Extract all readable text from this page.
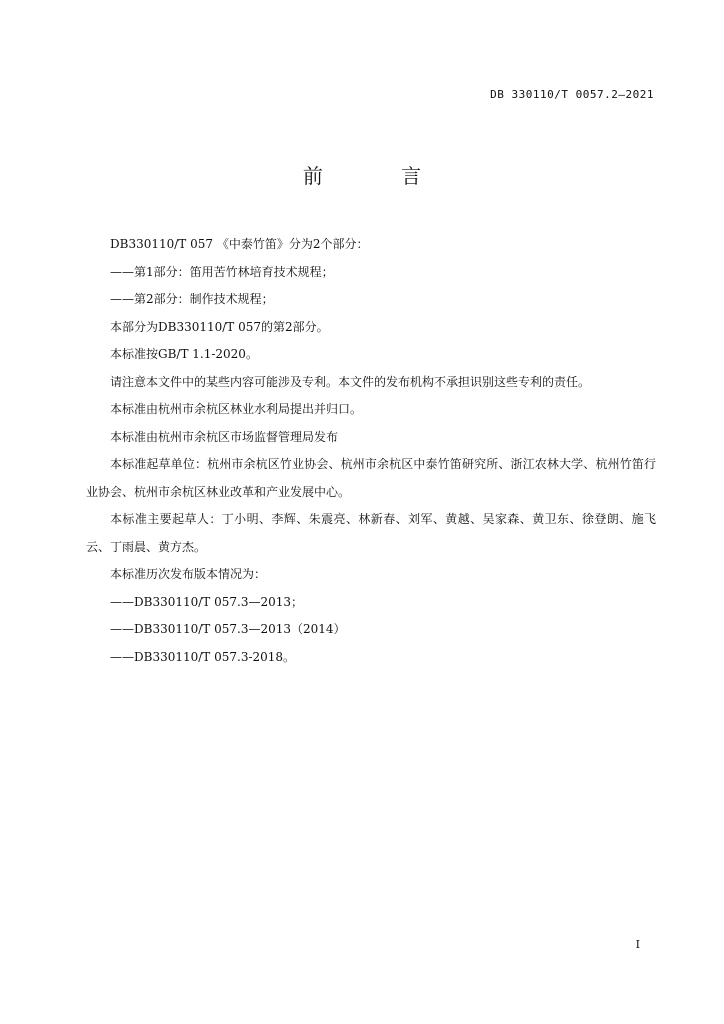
DB 330110/T 0057.2—2021
前 言

DB330110/T 057 《中泰竹笛》分为2个部分：

——第1部分：笛用苦竹林培育技术规程；

——第2部分：制作技术规程；

本部分为DB330110/T 057的第2部分。

本标准按GB/T 1.1-2020。

请注意本文件中的某些内容可能涉及专利。本文件的发布机构不承担识别这些专利的责任。

本标准由杭州市余杭区林业水利局提出并归口。

本标准由杭州市余杭区市场监督管理局发布

本标准起草单位：杭州市余杭区竹业协会、杭州市余杭区中泰竹笛研究所、浙江农林大学、杭州竹笛行业协会、杭州市余杭区林业改革和产业发展中心。

本标准主要起草人：丁小明、李辉、朱震亮、林新春、刘军、黄越、吴家森、黄卫东、徐登朗、施飞云、丁雨晨、黄方杰。

本标准历次发布版本情况为：

——DB330110/T 057.3—2013；

——DB330110/T 057.3—2013（2014）

——DB330110/T 057.3-2018。

I
